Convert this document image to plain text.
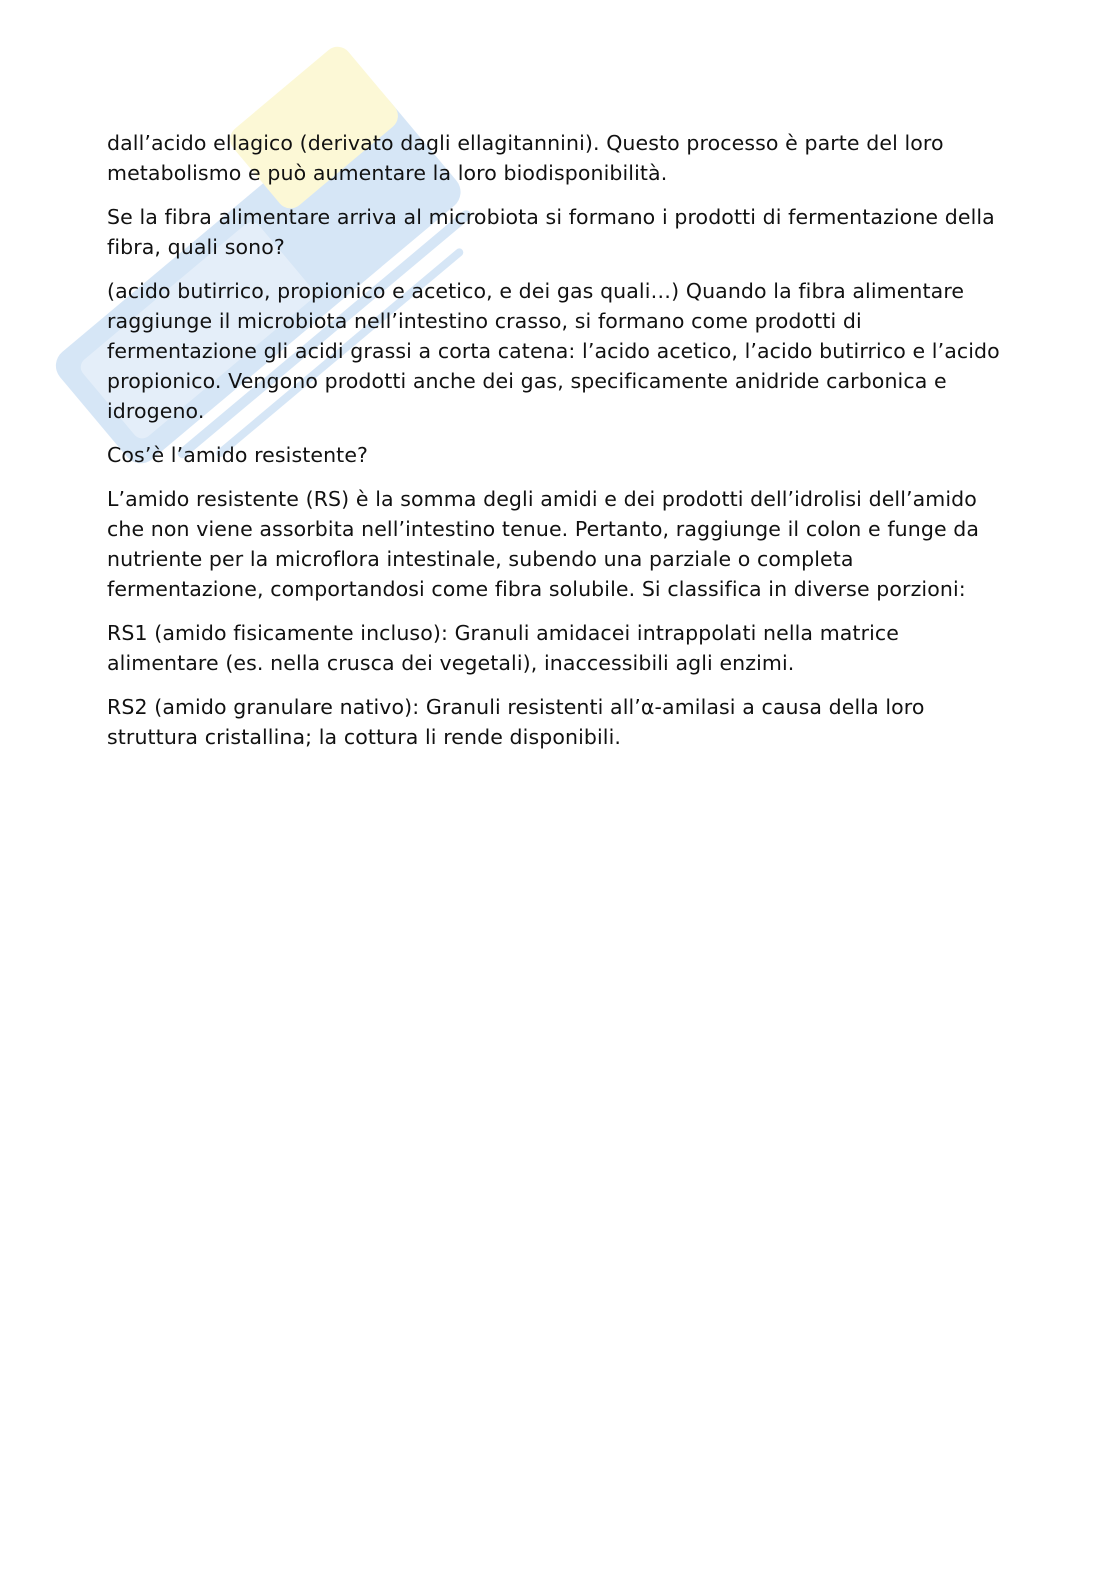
dall’acido ellagico (derivato dagli ellagitannini). Questo processo è parte del loro metabolismo e può aumentare la loro biodisponibilità.

Se la fibra alimentare arriva al microbiota si formano i prodotti di fermentazione della fibra, quali sono?

(acido butirrico, propionico e acetico, e dei gas quali…) Quando la fibra alimentare raggiunge il microbiota nell’intestino crasso, si formano come prodotti di fermentazione gli acidi grassi a corta catena: l’acido acetico, l’acido butirrico e l’acido propionico. Vengono prodotti anche dei gas, specificamente anidride carbonica e idrogeno.

Cos’è l’amido resistente?

L’amido resistente (RS) è la somma degli amidi e dei prodotti dell’idrolisi dell’amido che non viene assorbita nell’intestino tenue. Pertanto, raggiunge il colon e funge da nutriente per la microflora intestinale, subendo una parziale o completa fermentazione, comportandosi come fibra solubile. Si classifica in diverse porzioni:

RS1 (amido fisicamente incluso): Granuli amidacei intrappolati nella matrice alimentare (es. nella crusca dei vegetali), inaccessibili agli enzimi.

RS2 (amido granulare nativo): Granuli resistenti all’α-amilasi a causa della loro struttura cristallina; la cottura li rende disponibili.
